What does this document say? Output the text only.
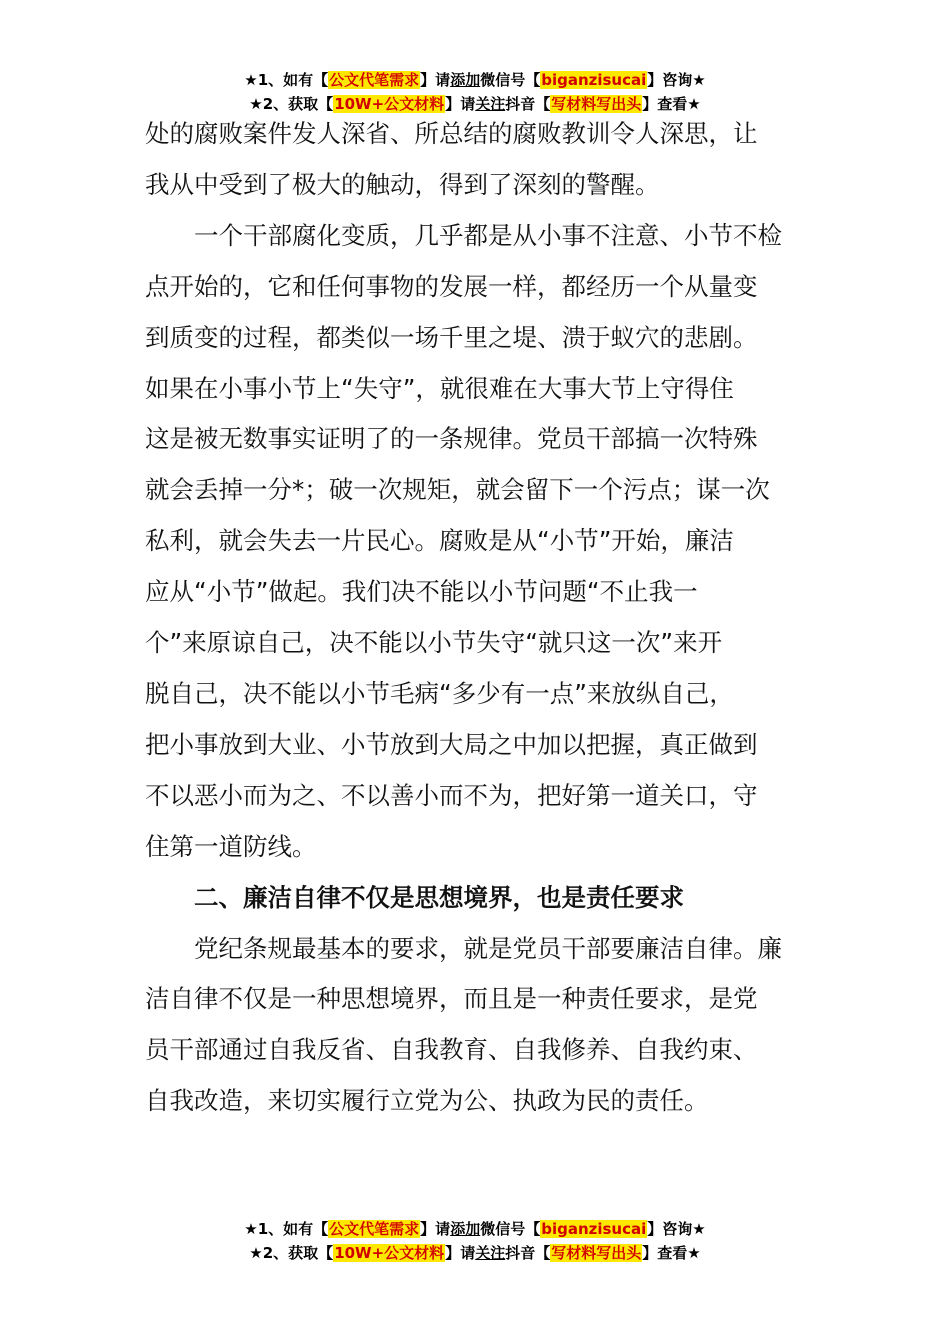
★1、如有【公文代笔需求】请添加微信号【biganzisucai】咨询★
★2、获取【10W+公文材料】请关注抖音【写材料写出头】查看★

处的腐败案件发人深省、所总结的腐败教训令人深思，让

我从中受到了极大的触动，得到了深刻的警醒。

　　一个干部腐化变质，几乎都是从小事不注意、小节不检

点开始的，它和任何事物的发展一样，都经历一个从量变

到质变的过程，都类似一场千里之堤、溃于蚁穴的悲剧。

如果在小事小节上“失守”，就很难在大事大节上守得住

这是被无数事实证明了的一条规律。党员干部搞一次特殊

就会丢掉一分*；破一次规矩，就会留下一个污点；谋一次

私利，就会失去一片民心。腐败是从“小节”开始，廉洁

应从“小节”做起。我们决不能以小节问题“不止我一

个”来原谅自己，决不能以小节失守“就只这一次”来开

脱自己，决不能以小节毛病“多少有一点”来放纵自己，

把小事放到大业、小节放到大局之中加以把握，真正做到

不以恶小而为之、不以善小而不为，把好第一道关口，守

住第一道防线。

　　二、廉洁自律不仅是思想境界，也是责任要求

　　党纪条规最基本的要求，就是党员干部要廉洁自律。廉

洁自律不仅是一种思想境界，而且是一种责任要求，是党

员干部通过自我反省、自我教育、自我修养、自我约束、

自我改造，来切实履行立党为公、执政为民的责任。

★1、如有【公文代笔需求】请添加微信号【biganzisucai】咨询★
★2、获取【10W+公文材料】请关注抖音【写材料写出头】查看★
